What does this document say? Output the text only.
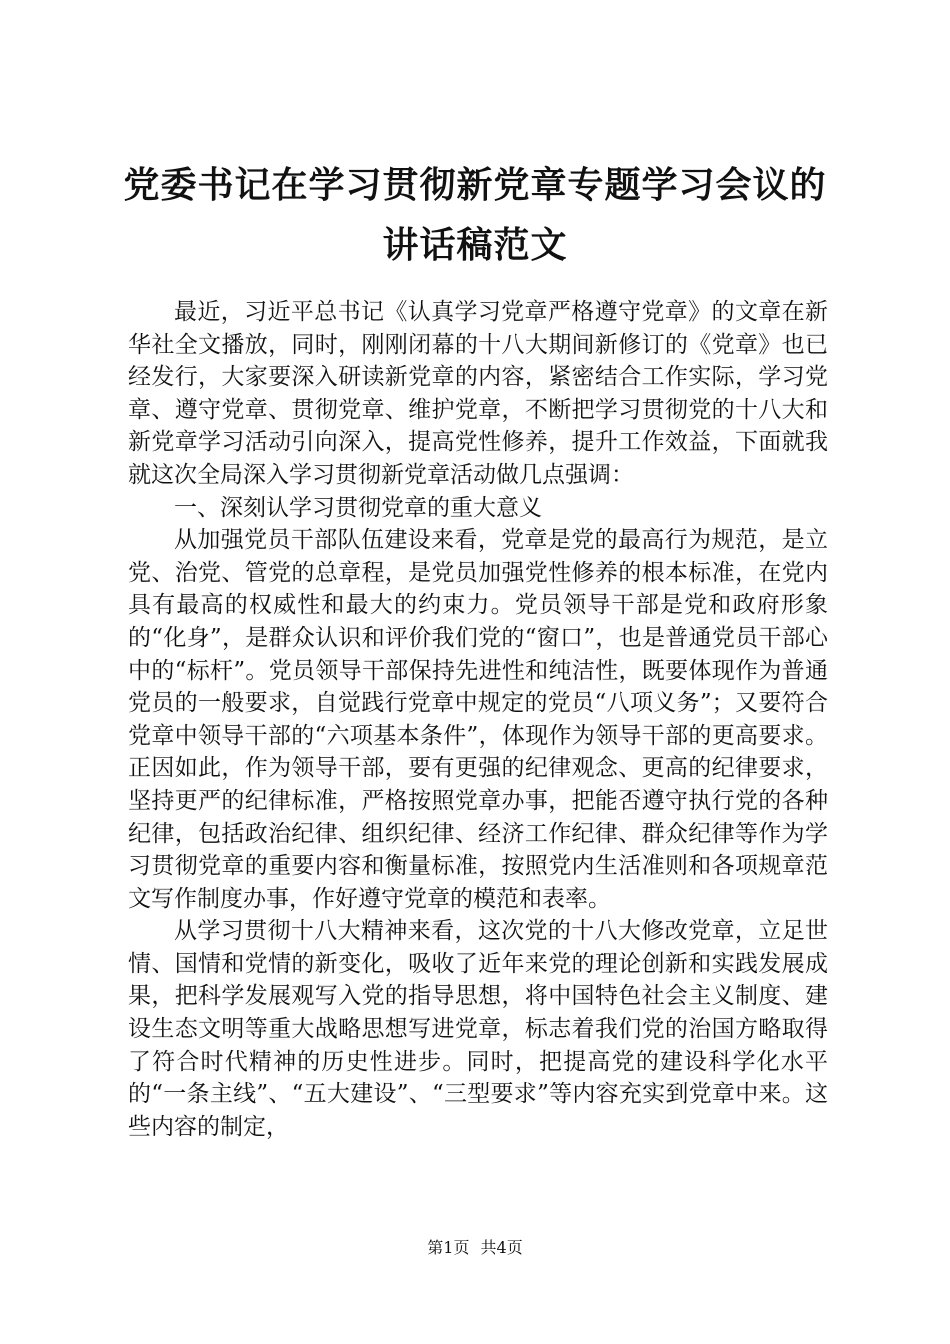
党委书记在学习贯彻新党章专题学习会议的讲话稿范文

最近，习近平总书记《认真学习党章严格遵守党章》的文章在新华社全文播放，同时，刚刚闭幕的十八大期间新修订的《党章》也已经发行，大家要深入研读新党章的内容，紧密结合工作实际，学习党章、遵守党章、贯彻党章、维护党章，不断把学习贯彻党的十八大和新党章学习活动引向深入，提高党性修养，提升工作效益，下面就我就这次全局深入学习贯彻新党章活动做几点强调：

一、深刻认学习贯彻党章的重大意义

从加强党员干部队伍建设来看，党章是党的最高行为规范，是立党、治党、管党的总章程，是党员加强党性修养的根本标准，在党内具有最高的权威性和最大的约束力。党员领导干部是党和政府形象的“化身”，是群众认识和评价我们党的“窗口”，也是普通党员干部心中的“标杆”。党员领导干部保持先进性和纯洁性，既要体现作为普通党员的一般要求，自觉践行党章中规定的党员“八项义务”；又要符合党章中领导干部的“六项基本条件”，体现作为领导干部的更高要求。正因如此，作为领导干部，要有更强的纪律观念、更高的纪律要求，坚持更严的纪律标准，严格按照党章办事，把能否遵守执行党的各种纪律，包括政治纪律、组织纪律、经济工作纪律、群众纪律等作为学习贯彻党章的重要内容和衡量标准，按照党内生活准则和各项规章范文写作制度办事，作好遵守党章的模范和表率。

从学习贯彻十八大精神来看，这次党的十八大修改党章，立足世情、国情和党情的新变化，吸收了近年来党的理论创新和实践发展成果，把科学发展观写入党的指导思想，将中国特色社会主义制度、建设生态文明等重大战略思想写进党章，标志着我们党的治国方略取得了符合时代精神的历史性进步。同时，把提高党的建设科学化水平的“一条主线”、“五大建设”、“三型要求”等内容充实到党章中来。这些内容的制定，

第1页 共4页
